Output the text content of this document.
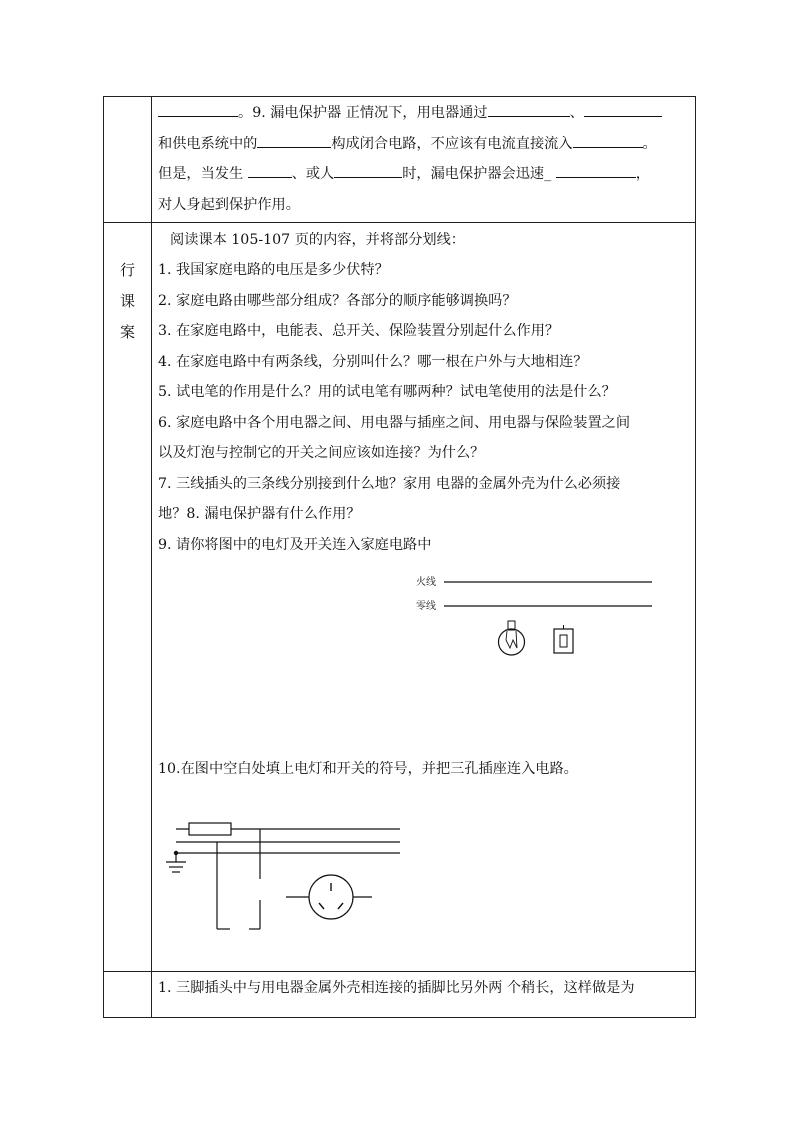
。9. 漏电保护器 正情况下，用电器通过	、
和供电系统中的	构成闭合电路，不应该有电流直接流入	。
但是，当发生	、或人	时，漏电保护器会迅速_	，
对人身起到保护作用。
行
课
案
阅读课本 105-107 页的内容，并将部分划线：
1. 我国家庭电路的电压是多少伏特？
2. 家庭电路由哪些部分组成？各部分的顺序能够调换吗？
3. 在家庭电路中，电能表、总开关、保险装置分别起什么作用？
4. 在家庭电路中有两条线，分别叫什么？哪一根在户外与大地相连？
5. 试电笔的作用是什么？用的试电笔有哪两种？试电笔使用的法是什么？
6. 家庭电路中各个用电器之间、用电器与插座之间、用电器与保险装置之间
以及灯泡与控制它的开关之间应该如连接？为什么？
7. 三线插头的三条线分别接到什么地？家用 电器的金属外壳为什么必须接
地？8. 漏电保护器有什么作用？
9. 请你将图中的电灯及开关连入家庭电路中
火线
零线
10.在图中空白处填上电灯和开关的符号，并把三孔插座连入电路。
1. 三脚插头中与用电器金属外壳相连接的插脚比另外两 个稍长，这样做是为
